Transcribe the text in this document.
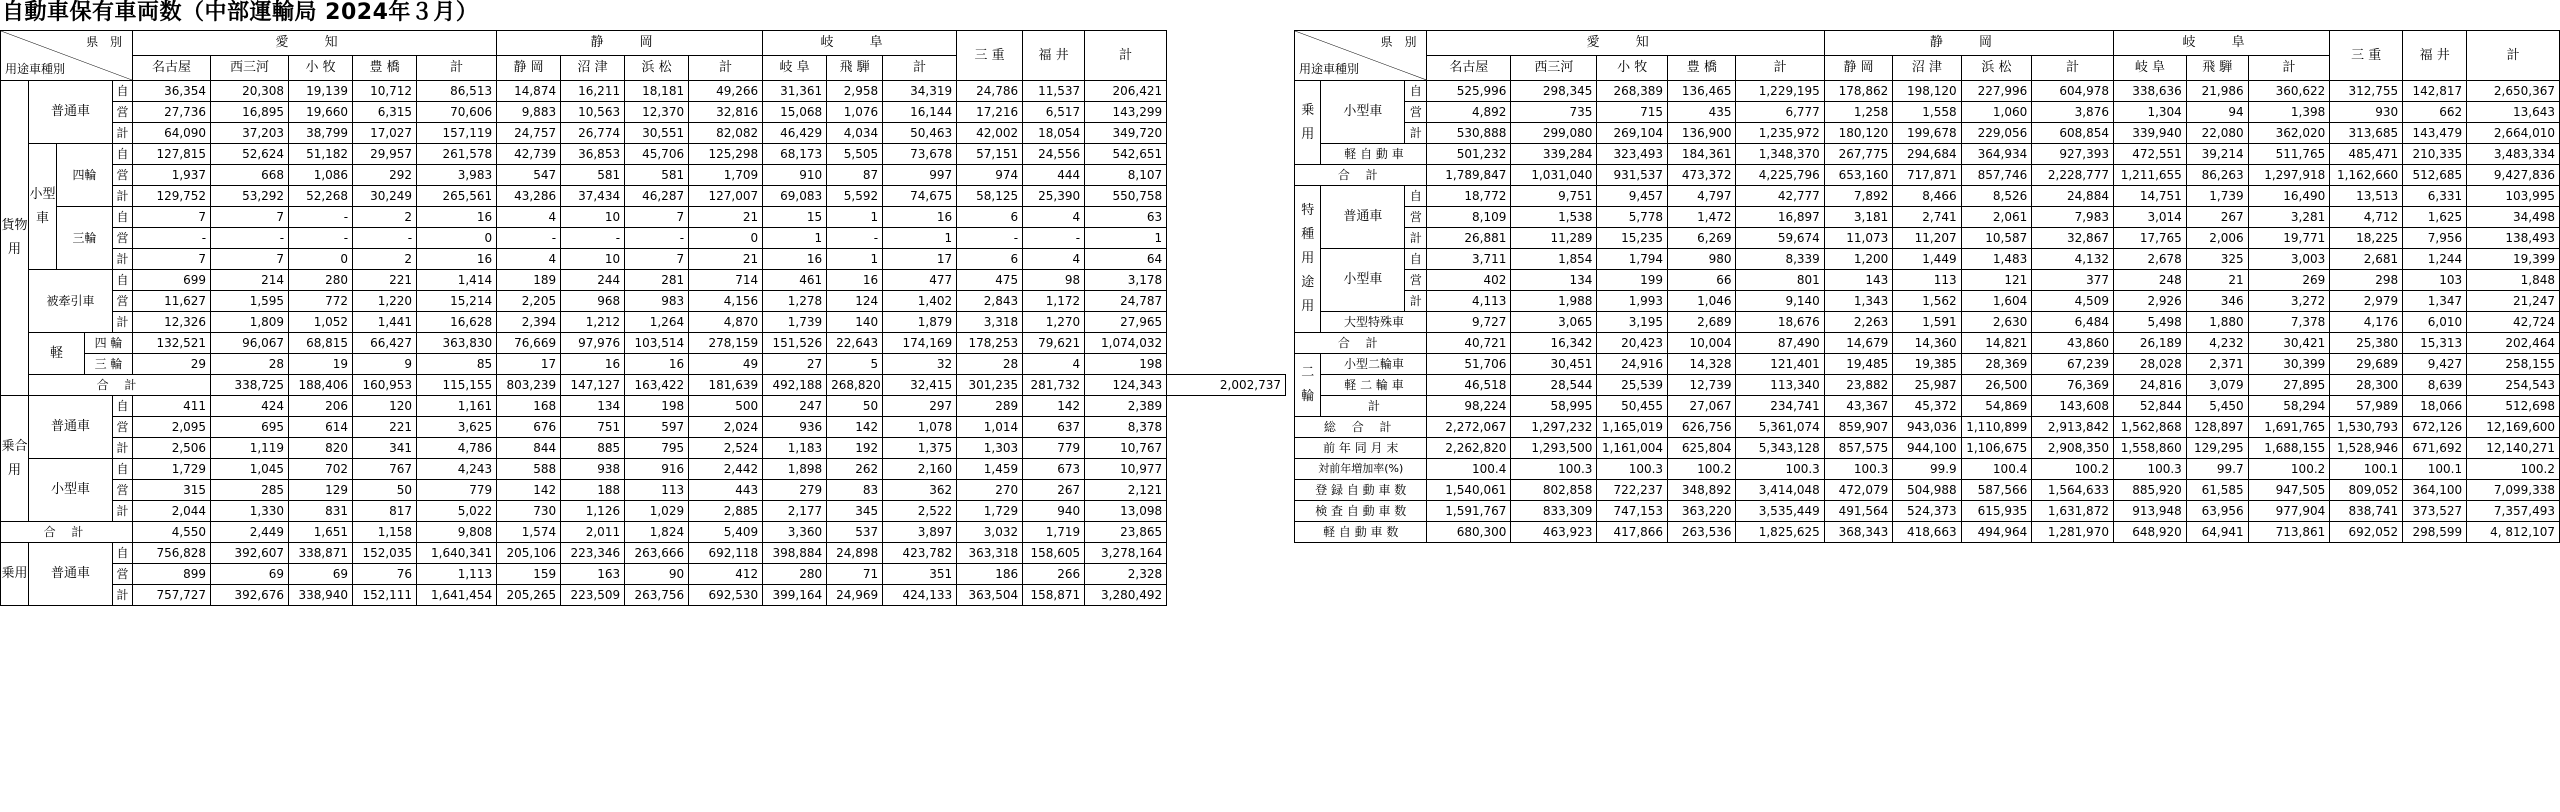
自動車保有車両数（中部運輸局 2024年３月）
県 別
用途車種別					愛 知					静 岡				岐 阜			三 重	福 井	計	
					名古屋	西三河	小 牧	豊 橋	計	静 岡	沼 津	浜 松	計	岐 阜	飛 騨	計				
貨物用	普通車			自	36,354	20,308	19,139	10,712	86,513	14,874	16,211	18,181	49,266	31,361	2,958	34,319	24,786	11,537	206,421	
				営	27,736	16,895	19,660	6,315	70,606	9,883	10,563	12,370	32,816	15,068	1,076	16,144	17,216	6,517	143,299	
				計	64,090	37,203	38,799	17,027	157,119	24,757	26,774	30,551	82,082	46,429	4,034	50,463	42,002	18,054	349,720	
	小型車	四輪		自	127,815	52,624	51,182	29,957	261,578	42,739	36,853	45,706	125,298	68,173	5,505	73,678	57,151	24,556	542,651	
				営	1,937	668	1,086	292	3,983	547	581	581	1,709	910	87	997	974	444	8,107	
				計	129,752	53,292	52,268	30,249	265,561	43,286	37,434	46,287	127,007	69,083	5,592	74,675	58,125	25,390	550,758	
		三輪		自	7	7	-	2	16	4	10	7	21	15	1	16	6	4	63	
				営	-	-	-	-	0	-	-	-	0	1	-	1	-	-	1	
				計	7	7	0	2	16	4	10	7	21	16	1	17	6	4	64	
	被牽引車			自	699	214	280	221	1,414	189	244	281	714	461	16	477	475	98	3,178	
				営	11,627	1,595	772	1,220	15,214	2,205	968	983	4,156	1,278	124	1,402	2,843	1,172	24,787	
				計	12,326	1,809	1,052	1,441	16,628	2,394	1,212	1,264	4,870	1,739	140	1,879	3,318	1,270	27,965	
	軽		四 輪		132,521	96,067	68,815	66,427	363,830	76,669	97,976	103,514	278,159	151,526	22,643	174,169	178,253	79,621	1,074,032	
			三 輪		29	28	19	9	85	17	16	16	49	27	5	32	28	4	198	
	合 計					338,725	188,406	160,953	115,155	803,239	147,127	163,422	181,639	492,188	268,820	32,415	301,235	281,732	124,343	2,002,737
乗合用	普通車			自	411	424	206	120	1,161	168	134	198	500	247	50	297	289	142	2,389	
				営	2,095	695	614	221	3,625	676	751	597	2,024	936	142	1,078	1,014	637	8,378	
				計	2,506	1,119	820	341	4,786	844	885	795	2,524	1,183	192	1,375	1,303	779	10,767	
	小型車			自	1,729	1,045	702	767	4,243	588	938	916	2,442	1,898	262	2,160	1,459	673	10,977	
				営	315	285	129	50	779	142	188	113	443	279	83	362	270	267	2,121	
				計	2,044	1,330	831	817	5,022	730	1,126	1,029	2,885	2,177	345	2,522	1,729	940	13,098	
合 計					4,550	2,449	1,651	1,158	9,808	1,574	2,011	1,824	5,409	3,360	537	3,897	3,032	1,719	23,865	
乗用	普通車			自	756,828	392,607	338,871	152,035	1,640,341	205,106	223,346	263,666	692,118	398,884	24,898	423,782	363,318	158,605	3,278,164	
				営	899	69	69	76	1,113	159	163	90	412	280	71	351	186	266	2,328	
				計	757,727	392,676	338,940	152,111	1,641,454	205,265	223,509	263,756	692,530	399,164	24,969	424,133	363,504	158,871	3,280,492	
県 別
用途車種別			愛 知					静 岡				岐 阜			三 重	福 井	計
			名古屋	西三河	小 牧	豊 橋	計	静 岡	沼 津	浜 松	計	岐 阜	飛 騨	計			
乗用	小型車	自	525,996	298,345	268,389	136,465	1,229,195	178,862	198,120	227,996	604,978	338,636	21,986	360,622	312,755	142,817	2,650,367
		営	4,892	735	715	435	6,777	1,258	1,558	1,060	3,876	1,304	94	1,398	930	662	13,643
		計	530,888	299,080	269,104	136,900	1,235,972	180,120	199,678	229,056	608,854	339,940	22,080	362,020	313,685	143,479	2,664,010
	軽 自 動 車		501,232	339,284	323,493	184,361	1,348,370	267,775	294,684	364,934	927,393	472,551	39,214	511,765	485,471	210,335	3,483,334
合 計			1,789,847	1,031,040	931,537	473,372	4,225,796	653,160	717,871	857,746	2,228,777	1,211,655	86,263	1,297,918	1,162,660	512,685	9,427,836
特種用途用	普通車	自	18,772	9,751	9,457	4,797	42,777	7,892	8,466	8,526	24,884	14,751	1,739	16,490	13,513	6,331	103,995
		営	8,109	1,538	5,778	1,472	16,897	3,181	2,741	2,061	7,983	3,014	267	3,281	4,712	1,625	34,498
		計	26,881	11,289	15,235	6,269	59,674	11,073	11,207	10,587	32,867	17,765	2,006	19,771	18,225	7,956	138,493
	小型車	自	3,711	1,854	1,794	980	8,339	1,200	1,449	1,483	4,132	2,678	325	3,003	2,681	1,244	19,399
		営	402	134	199	66	801	143	113	121	377	248	21	269	298	103	1,848
		計	4,113	1,988	1,993	1,046	9,140	1,343	1,562	1,604	4,509	2,926	346	3,272	2,979	1,347	21,247
	大型特殊車		9,727	3,065	3,195	2,689	18,676	2,263	1,591	2,630	6,484	5,498	1,880	7,378	4,176	6,010	42,724
合 計			40,721	16,342	20,423	10,004	87,490	14,679	14,360	14,821	43,860	26,189	4,232	30,421	25,380	15,313	202,464
二輪	小型二輪車		51,706	30,451	24,916	14,328	121,401	19,485	19,385	28,369	67,239	28,028	2,371	30,399	29,689	9,427	258,155
	軽 二 輪 車		46,518	28,544	25,539	12,739	113,340	23,882	25,987	26,500	76,369	24,816	3,079	27,895	28,300	8,639	254,543
	計		98,224	58,995	50,455	27,067	234,741	43,367	45,372	54,869	143,608	52,844	5,450	58,294	57,989	18,066	512,698
総 合 計			2,272,067	1,297,232	1,165,019	626,756	5,361,074	859,907	943,036	1,110,899	2,913,842	1,562,868	128,897	1,691,765	1,530,793	672,126	12,169,600
前 年 同 月 末			2,262,820	1,293,500	1,161,004	625,804	5,343,128	857,575	944,100	1,106,675	2,908,350	1,558,860	129,295	1,688,155	1,528,946	671,692	12,140,271
対前年増加率(%)			100.4	100.3	100.3	100.2	100.3	100.3	99.9	100.4	100.2	100.3	99.7	100.2	100.1	100.1	100.2
登 録 自 動 車 数			1,540,061	802,858	722,237	348,892	3,414,048	472,079	504,988	587,566	1,564,633	885,920	61,585	947,505	809,052	364,100	7,099,338
検 査 自 動 車 数			1,591,767	833,309	747,153	363,220	3,535,449	491,564	524,373	615,935	1,631,872	913,948	63,956	977,904	838,741	373,527	7,357,493
軽 自 動 車 数			680,300	463,923	417,866	263,536	1,825,625	368,343	418,663	494,964	1,281,970	648,920	64,941	713,861	692,052	298,599	4, 812,107
